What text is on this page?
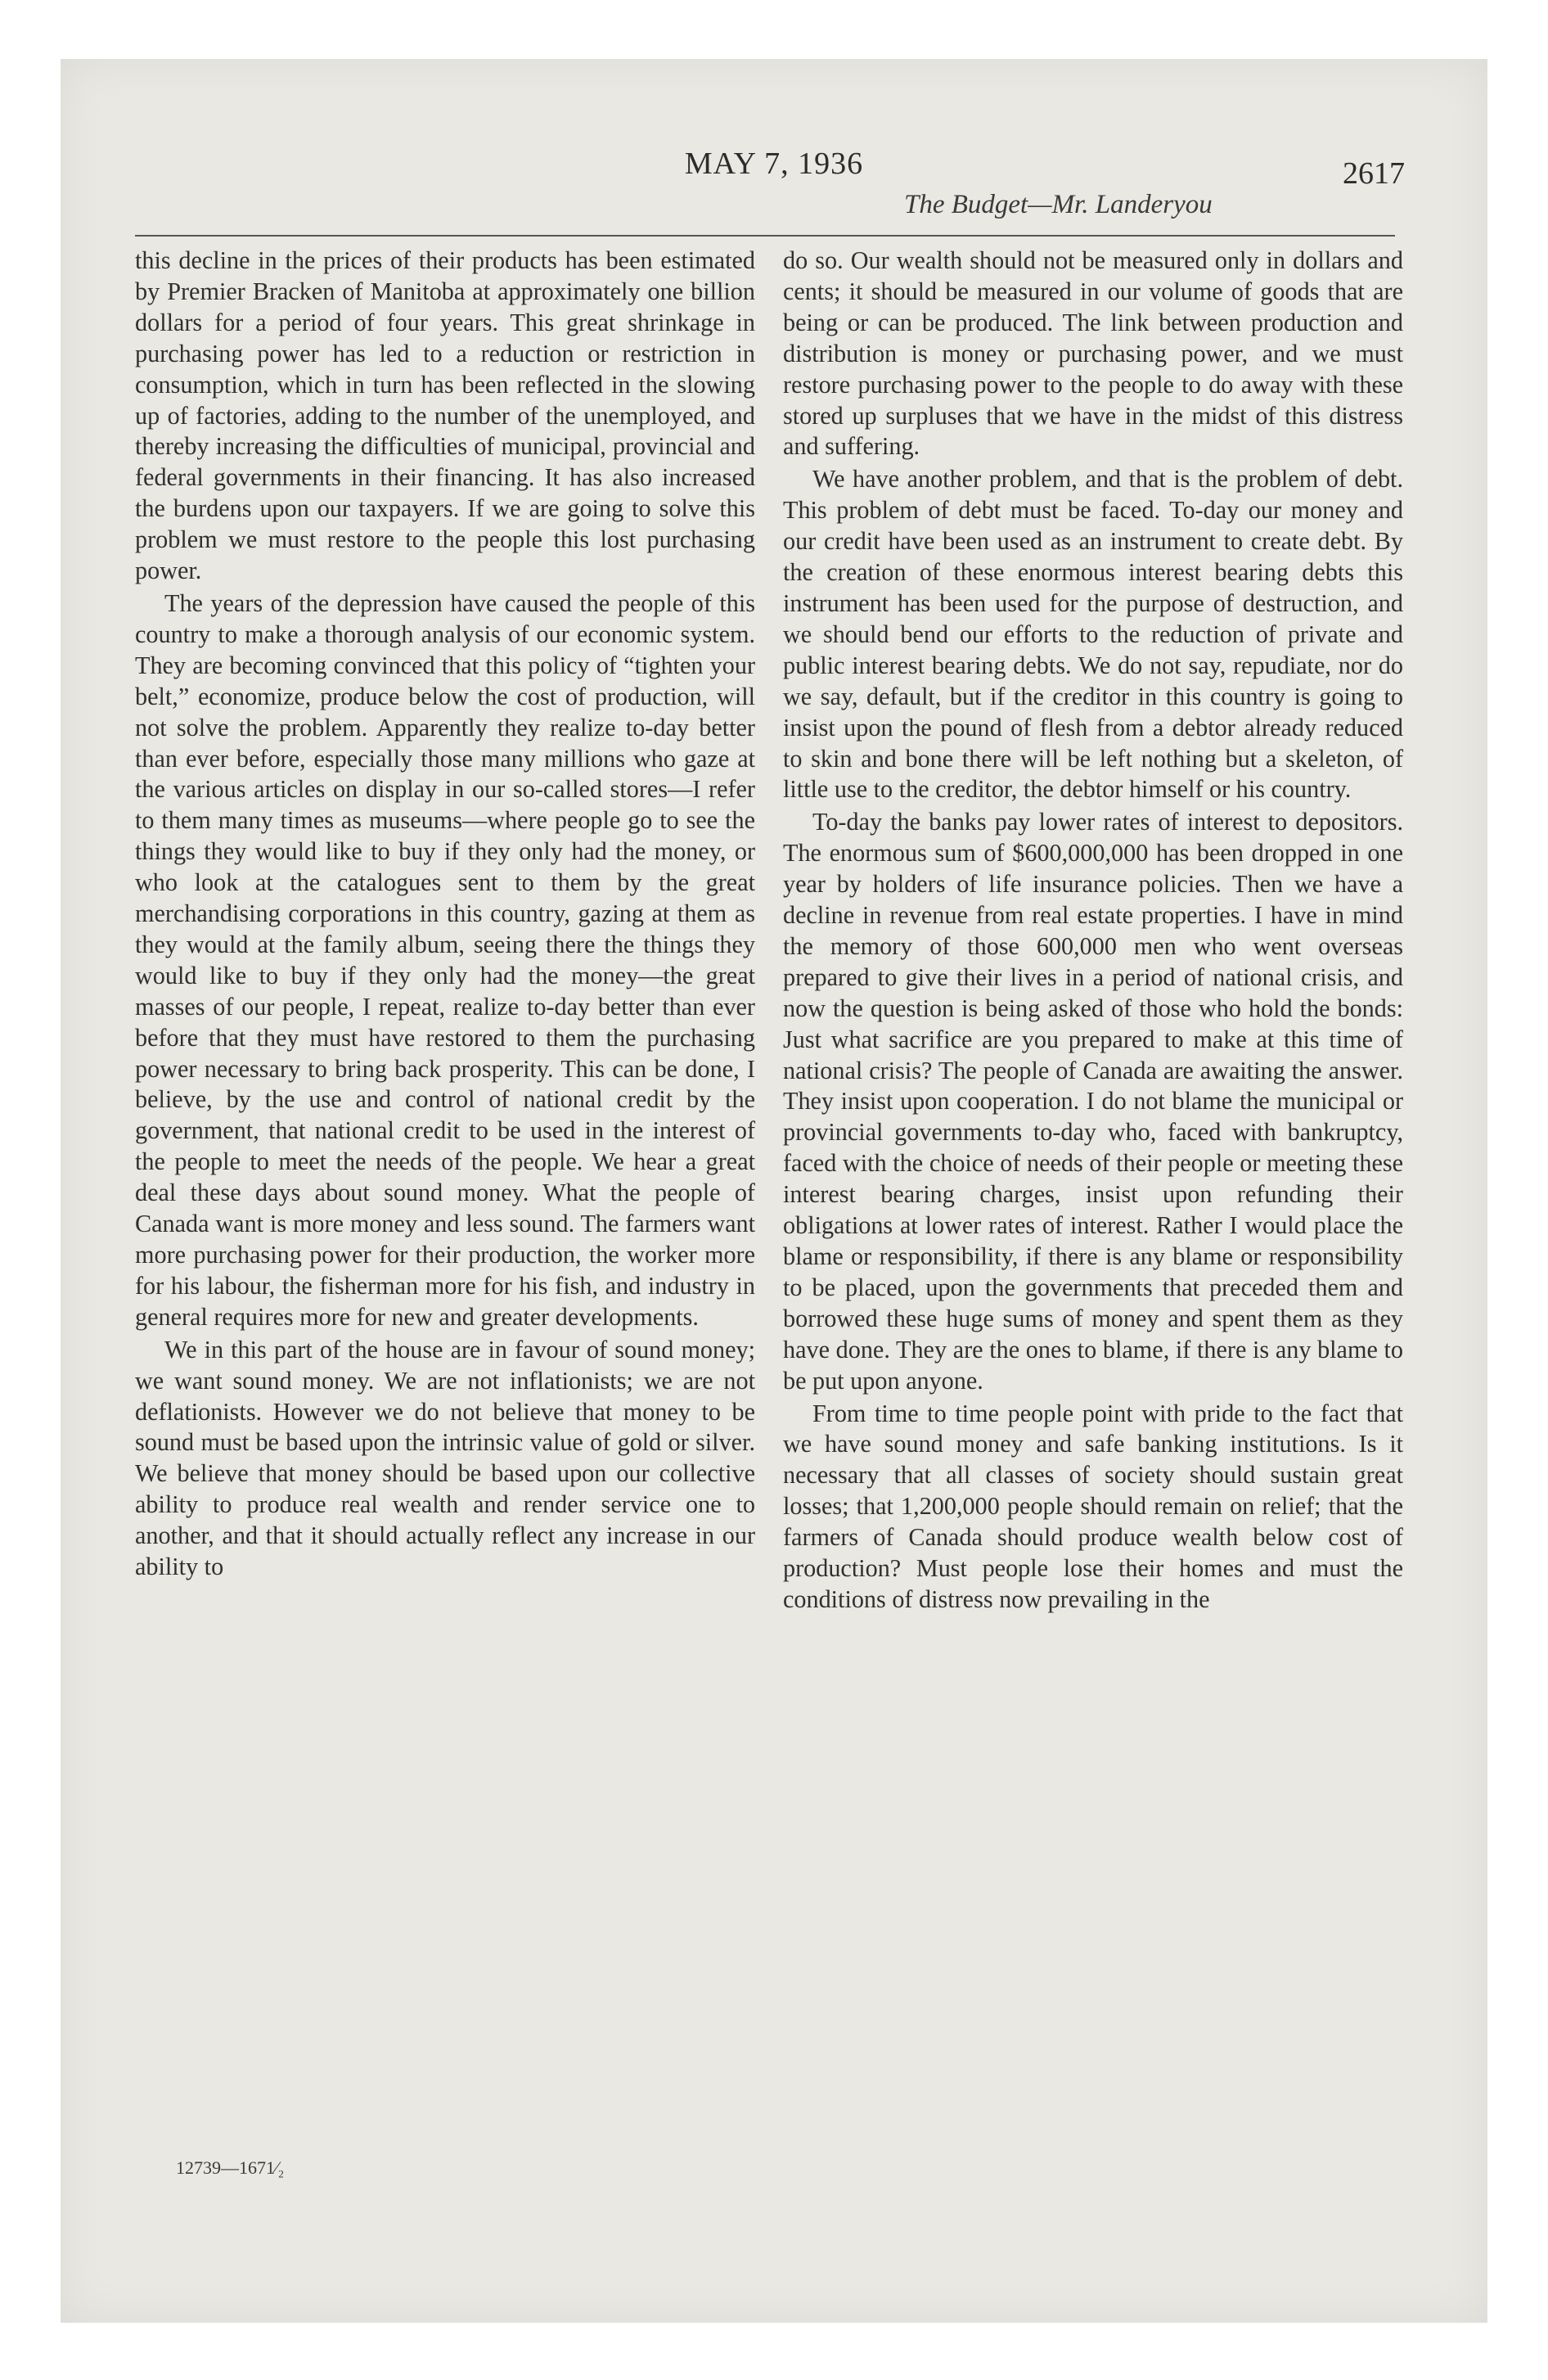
MAY 7, 1936	2617
The Budget—Mr. Landeryou

this decline in the prices of their products has been estimated by Premier Bracken of Manitoba at approximately one billion dollars for a period of four years. This great shrinkage in purchasing power has led to a reduction or restriction in consumption, which in turn has been reflected in the slowing up of factories, adding to the number of the unemployed, and thereby increasing the difficulties of municipal, provincial and federal governments in their financing. It has also increased the burdens upon our taxpayers. If we are going to solve this problem we must restore to the people this lost purchasing power.

The years of the depression have caused the people of this country to make a thorough analysis of our economic system. They are becoming convinced that this policy of “tighten your belt,” economize, produce below the cost of production, will not solve the problem. Apparently they realize to-day better than ever before, especially those many millions who gaze at the various articles on display in our so-called stores—I refer to them many times as museums—where people go to see the things they would like to buy if they only had the money, or who look at the catalogues sent to them by the great merchandising corporations in this country, gazing at them as they would at the family album, seeing there the things they would like to buy if they only had the money—the great masses of our people, I repeat, realize to-day better than ever before that they must have restored to them the purchasing power necessary to bring back prosperity. This can be done, I believe, by the use and control of national credit by the government, that national credit to be used in the interest of the people to meet the needs of the people. We hear a great deal these days about sound money. What the people of Canada want is more money and less sound. The farmers want more purchasing power for their production, the worker more for his labour, the fisherman more for his fish, and industry in general requires more for new and greater developments.

We in this part of the house are in favour of sound money; we want sound money. We are not inflationists; we are not deflationists. However we do not believe that money to be sound must be based upon the intrinsic value of gold or silver. We believe that money should be based upon our collective ability to produce real wealth and render service one to another, and that it should actually reflect any increase in our ability to

do so. Our wealth should not be measured only in dollars and cents; it should be measured in our volume of goods that are being or can be produced. The link between production and distribution is money or purchasing power, and we must restore purchasing power to the people to do away with these stored up surpluses that we have in the midst of this distress and suffering.

We have another problem, and that is the problem of debt. This problem of debt must be faced. To-day our money and our credit have been used as an instrument to create debt. By the creation of these enormous interest bearing debts this instrument has been used for the purpose of destruction, and we should bend our efforts to the reduction of private and public interest bearing debts. We do not say, repudiate, nor do we say, default, but if the creditor in this country is going to insist upon the pound of flesh from a debtor already reduced to skin and bone there will be left nothing but a skeleton, of little use to the creditor, the debtor himself or his country.

To-day the banks pay lower rates of interest to depositors. The enormous sum of $600,000,000 has been dropped in one year by holders of life insurance policies. Then we have a decline in revenue from real estate properties. I have in mind the memory of those 600,000 men who went overseas prepared to give their lives in a period of national crisis, and now the question is being asked of those who hold the bonds: Just what sacrifice are you prepared to make at this time of national crisis? The people of Canada are awaiting the answer. They insist upon cooperation. I do not blame the municipal or provincial governments to-day who, faced with bankruptcy, faced with the choice of needs of their people or meeting these interest bearing charges, insist upon refunding their obligations at lower rates of interest. Rather I would place the blame or responsibility, if there is any blame or responsibility to be placed, upon the governments that preceded them and borrowed these huge sums of money and spent them as they have done. They are the ones to blame, if there is any blame to be put upon anyone.

From time to time people point with pride to the fact that we have sound money and safe banking institutions. Is it necessary that all classes of society should sustain great losses; that 1,200,000 people should remain on relief; that the farmers of Canada should produce wealth below cost of production? Must people lose their homes and must the conditions of distress now prevailing in the

12739—1671⁄₂
